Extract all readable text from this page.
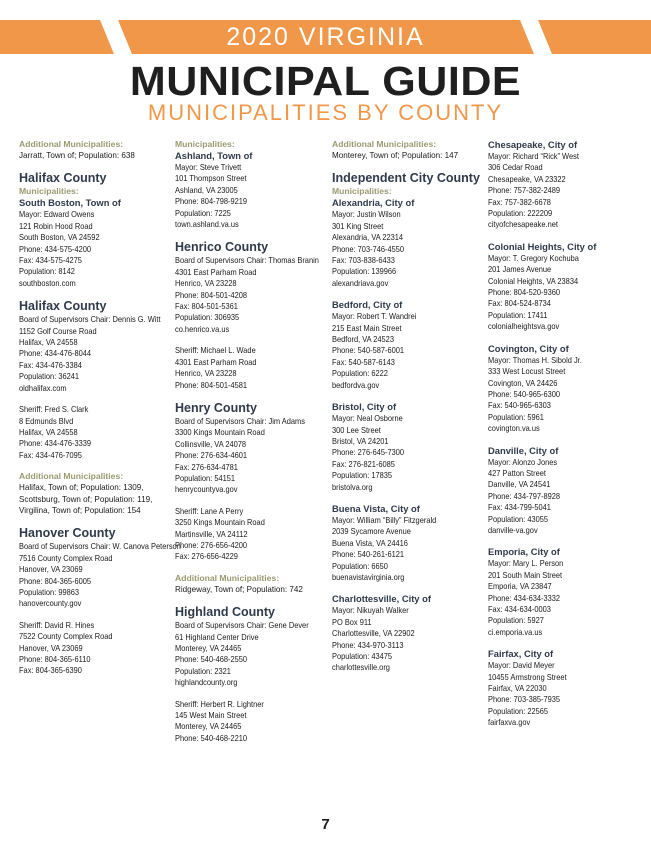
2020 VIRGINIA
MUNICIPAL GUIDE
MUNICIPALITIES BY COUNTY

Additional Municipalities:

Jarratt, Town of; Population: 638

Halifax County

Municipalities:

South Boston, Town of

Mayor: Edward Owens

121 Robin Hood Road

South Boston, VA 24592

Phone: 434-575-4200

Fax: 434-575-4275

Population: 8142

southboston.com

Halifax County

Board of Supervisors Chair: Dennis G. Witt

1152 Golf Course Road

Halifax, VA 24558

Phone: 434-476-8044

Fax: 434-476-3384

Population: 36241

oldhalifax.com

Sheriff: Fred S. Clark

8 Edmunds Blvd

Halifax, VA 24558

Phone: 434-476-3339

Fax: 434-476-7095

Additional Municipalities:

Halifax, Town of; Population: 1309, Scottsburg, Town of; Population: 119, Virgilina, Town of; Population: 154

Hanover County

Board of Supervisors Chair: W. Canova Peterson

7516 County Complex Road

Hanover, VA 23069

Phone: 804-365-6005

Population: 99863

hanovercounty.gov

Sheriff: David R. Hines

7522 County Complex Road

Hanover, VA 23069

Phone: 804-365-6110

Fax: 804-365-6390

Municipalities:

Ashland, Town of

Mayor: Steve Trivett

101 Thompson Street

Ashland, VA 23005

Phone: 804-798-9219

Population: 7225

town.ashland.va.us

Henrico County

Board of Supervisors Chair: Thomas Branin

4301 East Parham Road

Henrico, VA 23228

Phone: 804-501-4208

Fax: 804-501-5361

Population: 306935

co.henrico.va.us

Sheriff: Michael L. Wade

4301 East Parham Road

Henrico, VA 23228

Phone: 804-501-4581

Henry County

Board of Supervisors Chair: Jim Adams

3300 Kings Mountain Road

Collinsville, VA 24078

Phone: 276-634-4601

Fax: 276-634-4781

Population: 54151

henrycountyva.gov

Sheriff: Lane A Perry

3250 Kings Mountain Road

Martinsville, VA 24112

Phone: 276-656-4200

Fax: 276-656-4229

Additional Municipalities:

Ridgeway, Town of; Population: 742

Highland County

Board of Supervisors Chair: Gene Dever

61 Highland Center Drive

Monterey, VA 24465

Phone: 540-468-2550

Population: 2321

highlandcounty.org

Sheriff: Herbert R. Lightner

145 West Main Street

Monterey, VA 24465

Phone: 540-468-2210

Additional Municipalities:

Monterey, Town of; Population: 147

Independent City County

Municipalities:

Alexandria, City of

Mayor: Justin Wilson

301 King Street

Alexandria, VA 22314

Phone: 703-746-4550

Fax: 703-838-6433

Population: 139966

alexandriava.gov

Bedford, City of

Mayor: Robert T. Wandrei

215 East Main Street

Bedford, VA 24523

Phone: 540-587-6001

Fax: 540-587-6143

Population: 6222

bedfordva.gov

Bristol, City of

Mayor: Neal Osborne

300 Lee Street

Bristol, VA 24201

Phone: 276-645-7300

Fax: 276-821-6085

Population: 17835

bristolva.org

Buena Vista, City of

Mayor: William “Billy” Fitzgerald

2039 Sycamore Avenue

Buena Vista, VA 24416

Phone: 540-261-6121

Population: 6650

buenavistavirginia.org

Charlottesville, City of

Mayor: Nikuyah Walker

PO Box 911

Charlottesville, VA 22902

Phone: 434-970-3113

Population: 43475

charlottesville.org

Chesapeake, City of

Mayor: Richard “Rick” West

306 Cedar Road

Chesapeake, VA 23322

Phone: 757-382-2489

Fax: 757-382-6678

Population: 222209

cityofchesapeake.net

Colonial Heights, City of

Mayor: T. Gregory Kochuba

201 James Avenue

Colonial Heights, VA 23834

Phone: 804-520-9360

Fax: 804-524-8734

Population: 17411

colonialheightsva.gov

Covington, City of

Mayor: Thomas H. Sibold Jr.

333 West Locust Street

Covington, VA 24426

Phone: 540-965-6300

Fax: 540-965-6303

Population: 5961

covington.va.us

Danville, City of

Mayor: Alonzo Jones

427 Patton Street

Danville, VA 24541

Phone: 434-797-8928

Fax: 434-799-5041

Population: 43055

danville-va.gov

Emporia, City of

Mayor: Mary L. Person

201 South Main Street

Emporia, VA 23847

Phone: 434-634-3332

Fax: 434-634-0003

Population: 5927

ci.emporia.va.us

Fairfax, City of

Mayor: David Meyer

10455 Armstrong Street

Fairfax, VA 22030

Phone: 703-385-7935

Population: 22565

fairfaxva.gov

7
